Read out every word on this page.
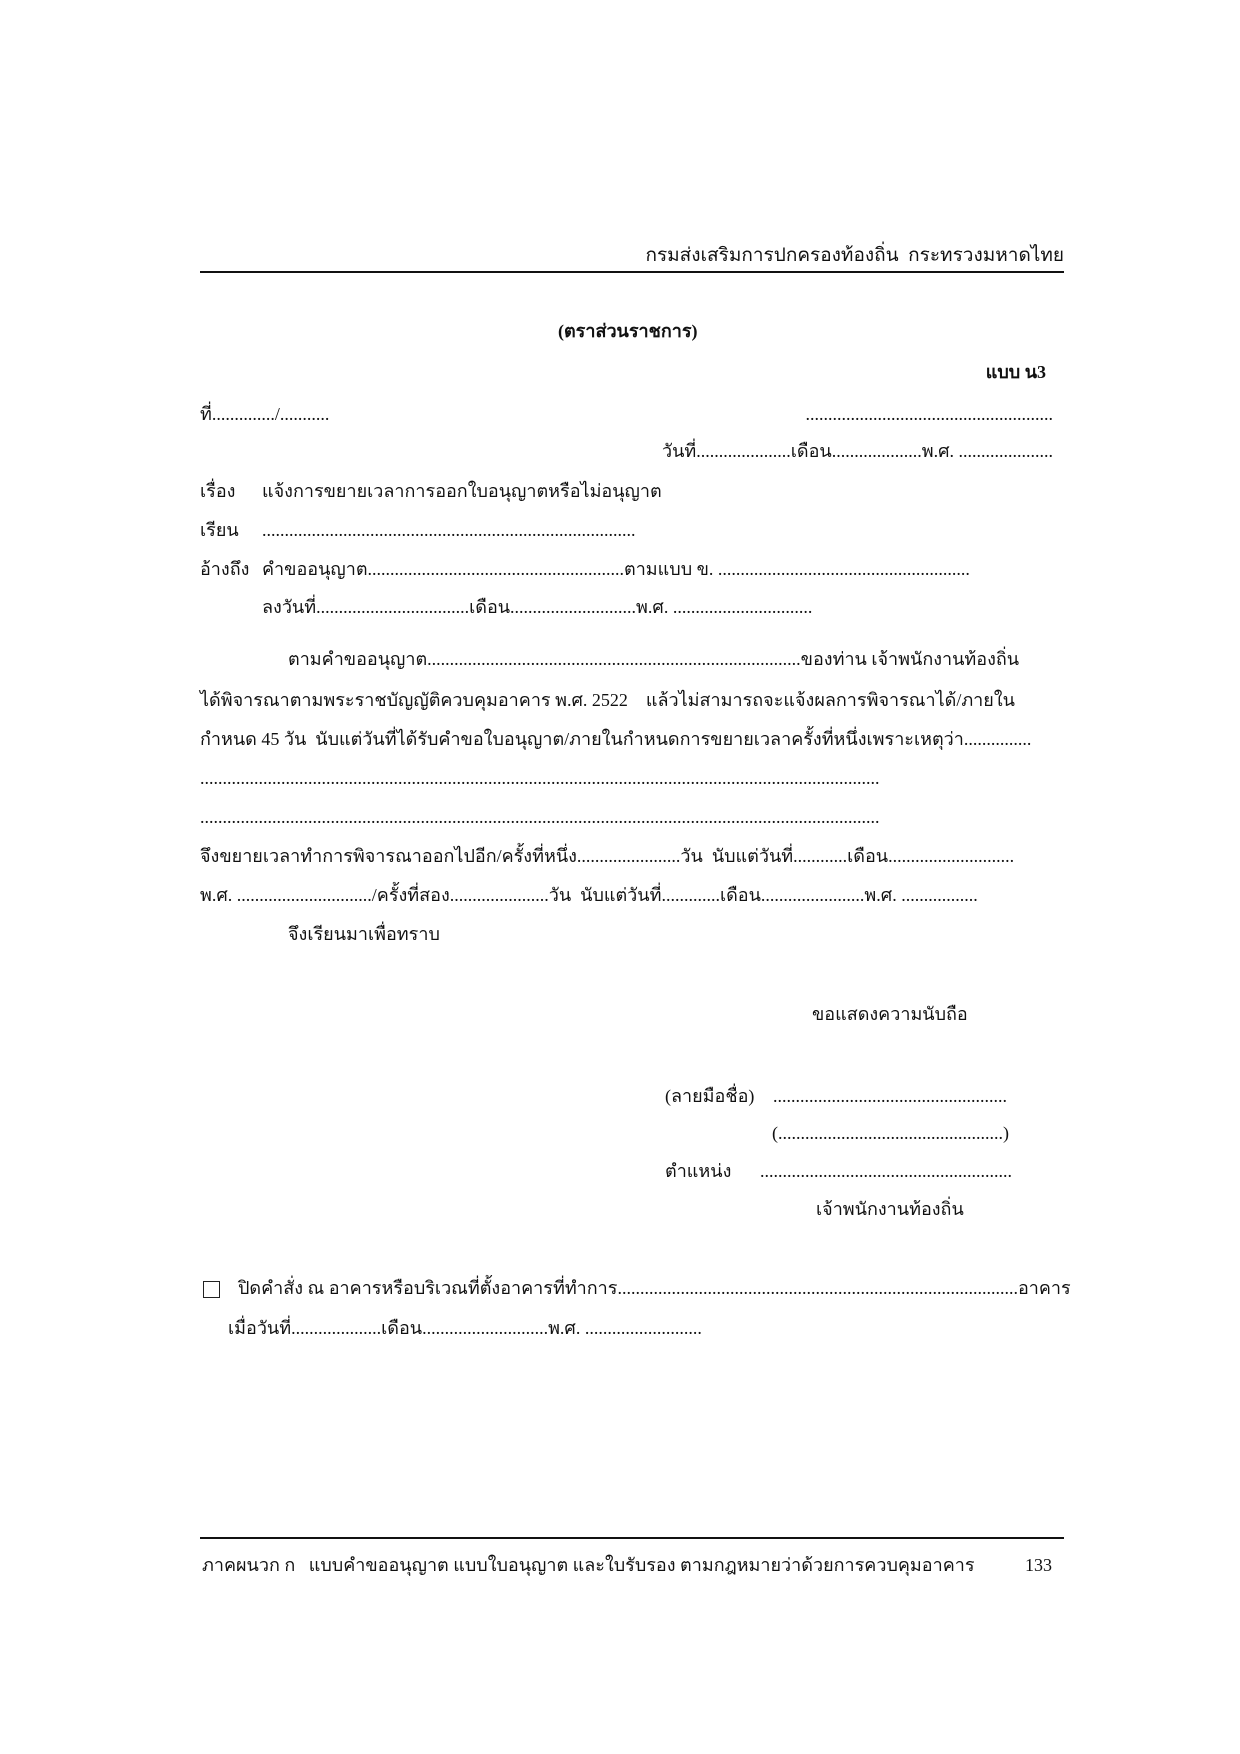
กรมส่งเสริมการปกครองท้องถิ่น  กระทรวงมหาดไทย
(ตราส่วนราชการ)
แบบ น3
ที่............../...........	.......................................................
วันที่.....................เดือน....................พ.ศ. .....................
เรื่อง แจ้งการขยายเวลาการออกใบอนุญาตหรือไม่อนุญาต
เรียน ...................................................................................
อ้างถึง คำขออนุญาต.........................................................ตามแบบ ข. ........................................................
ลงวันที่..................................เดือน............................พ.ศ. ...............................
ตามคำขออนุญาต...................................................................................ของท่าน เจ้าพนักงานท้องถิ่น
ได้พิจารณาตามพระราชบัญญัติควบคุมอาคาร พ.ศ. 2522    แล้วไม่สามารถจะแจ้งผลการพิจารณาได้/ภายใน
กำหนด 45 วัน  นับแต่วันที่ได้รับคำขอใบอนุญาต/ภายในกำหนดการขยายเวลาครั้งที่หนึ่งเพราะเหตุว่า...............
.......................................................................................................................................................
.......................................................................................................................................................
จึงขยายเวลาทำการพิจารณาออกไปอีก/ครั้งที่หนึ่ง.......................วัน  นับแต่วันที่............เดือน............................
พ.ศ. ............................../ครั้งที่สอง......................วัน  นับแต่วันที่.............เดือน.......................พ.ศ. .................
จึงเรียนมาเพื่อทราบ
ขอแสดงความนับถือ
(ลายมือชื่อ) ....................................................
(..................................................)
ตำแหน่ง ........................................................
เจ้าพนักงานท้องถิ่น
ปิดคำสั่ง ณ อาคารหรือบริเวณที่ตั้งอาคารที่ทำการ.........................................................................................อาคาร
เมื่อวันที่....................เดือน............................พ.ศ. ..........................
ภาคผนวก ก   แบบคำขออนุญาต แบบใบอนุญาต และใบรับรอง ตามกฎหมายว่าด้วยการควบคุมอาคาร	133
